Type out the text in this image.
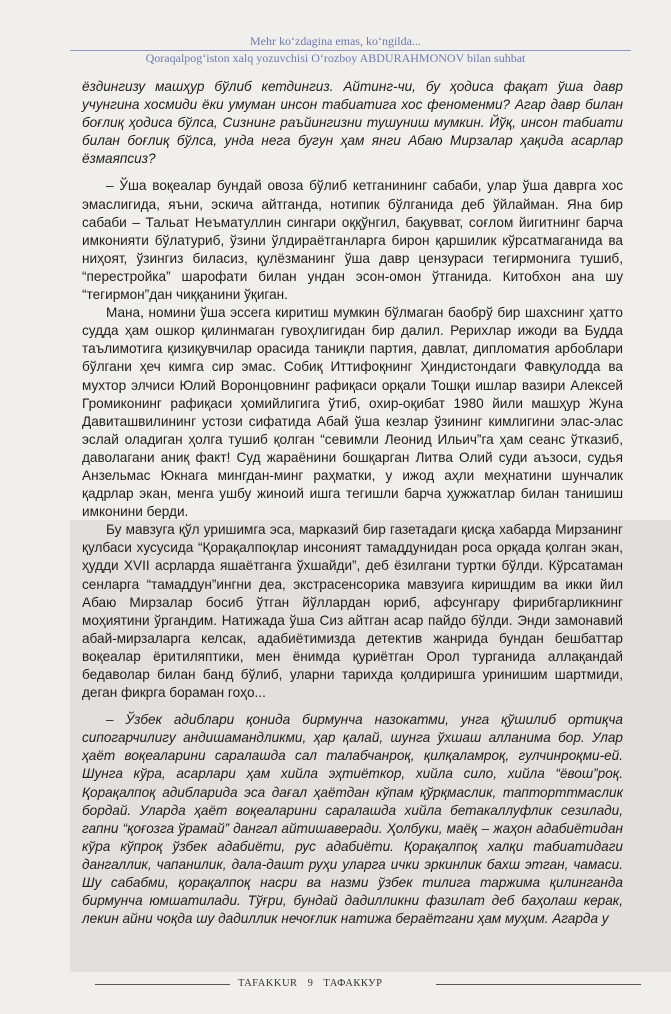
Mehr ko‘zdagina emas, ko‘ngilda...
Qoraqalpog‘iston xalq yozuvchisi O‘rozboy ABDURAHMONOV bilan suhbat

ёздингизу машҳур бўлиб кетдингиз. Айтинг-чи, бу ҳодиса фақат ўша давр учунгина хосмиди ёки умуман инсон табиатига хос феноменми? Агар давр билан боғлиқ ҳодиса бўлса, Сизнинг раъйингизни тушуниш мумкин. Йўқ, инсон табиати билан боғлиқ бўлса, унда нега бугун ҳам янги Абаю Мирзалар ҳақида асарлар ёзмаяпсиз?

– Ўша воқеалар бундай овоза бўлиб кетганининг сабаби, улар ўша даврга хос эмаслигида, яъни, эскича айтганда, нотипик бўлганида деб ўйлайман. Яна бир сабаби – Тальат Неъматуллин сингари оққўнгил, бақувват, соғлом йигитнинг барча имконияти бўлатуриб, ўзини ўлдираётганларга бирон қаршилик кўрсатмаганида ва ниҳоят, ўзингиз биласиз, қулёзманинг ўша давр цензураси тегирмонига тушиб, “перестройка” шарофати билан ундан эсон-омон ўтганида. Китобхон ана шу “тегирмон”дан чиққанини ўқиган.

Мана, номини ўша эссега киритиш мумкин бўлмаган баобрў бир шахснинг ҳатто судда ҳам ошкор қилинмаган гувоҳлигидан бир далил. Рерихлар ижоди ва Будда таълимотига қизиқувчилар орасида таниқли партия, давлат, дипломатия арбоблари бўлгани ҳеч кимга сир эмас. Собиқ Иттифоқнинг Ҳиндистондаги Фавқулодда ва мухтор элчиси Юлий Воронцовнинг рафиқаси орқали Тошқи ишлар вазири Алексей Громиконинг рафиқаси ҳомийлигига ўтиб, охир-оқибат 1980 йили машҳур Жуна Давиташвилининг устози сифатида Абай ўша кезлар ўзининг кимлигини элас-элас эслай оладиган ҳолга тушиб қолган “севимли Леонид Ильич”га ҳам сеанс ўтказиб, даволагани аниқ факт! Суд жараёнини бошқарган Литва Олий суди аъзоси, судья Анзельмас Юкнага мингдан-минг раҳматки, у ижод аҳли меҳнатини шунчалик қадрлар экан, менга ушбу жиноий ишга тегишли барча ҳужжатлар билан танишиш имконини берди.

Бу мавзуга қўл уришимга эса, марказий бир газетадаги қисқа хабарда Мирзанинг қулбаси хусусида “Қорақалпоқлар инсоният тамаддунидан роса орқада қолган экан, ҳудди XVII асрларда яшаётганга ўхшайди”, деб ёзилгани туртки бўлди. Кўрсатаман сенларга “тамаддун”ингни деа, экстрасенсорика мавзуига киришдим ва икки йил Абаю Мирзалар босиб ўтган йўллардан юриб, афсунгару фирибгарликнинг моҳиятини ўргандим. Натижада ўша Сиз айтган асар пайдо бўлди. Энди замонавий абай-мирзаларга келсак, адабиётимизда детектив жанрида бундан бешбаттар воқеалар ёритиляптики, мен ёнимда қуриётган Орол турганида аллақандай бедаволар билан банд бўлиб, уларни тарихда қолдиришга уринишим шартмиди, деган фикрга бораман гоҳо...

– Ўзбек адиблари қонида бирмунча назокатми, унга қўшилиб ортиқча сипогарчилигу андишамандликми, ҳар қалай, шунга ўхшаш алланима бор. Улар ҳаёт воқеаларини саралашда сал талабчанроқ, қилқаламроқ, гулчинроқми-ей. Шунга кўра, асарлари ҳам хийла эҳтиёткор, хийла сило, хийла “ёвош”роқ. Қорақалпоқ адибларида эса дағал ҳаётдан кўпам қўрқмаслик, тапторттмаслик бордай. Уларда ҳаёт воқеаларини саралашда хийла бетакаллуфлик сезилади, гапни “қоғозга ўрамай” дангал айтишаверади. Ҳолбуки, маёқ – жаҳон адабиётидан кўра кўпроқ ўзбек адабиёти, рус адабиёти. Қорақалпоқ халқи табиатидаги дангаллик, чапанилик, дала-дашт руҳи уларга ички эркинлик бахш этган, чамаси. Шу сабабми, қорақалпоқ насри ва назми ўзбек тилига таржима қилинганда бирмунча юмшатилади. Тўғри, бундай дадилликни фазилат деб баҳолаш керак, лекин айни чоқда шу дадиллик нечоғлик натижа бераётгани ҳам муҳим. Агарда у

TAFAKKUR 9 ТАФАККУР
